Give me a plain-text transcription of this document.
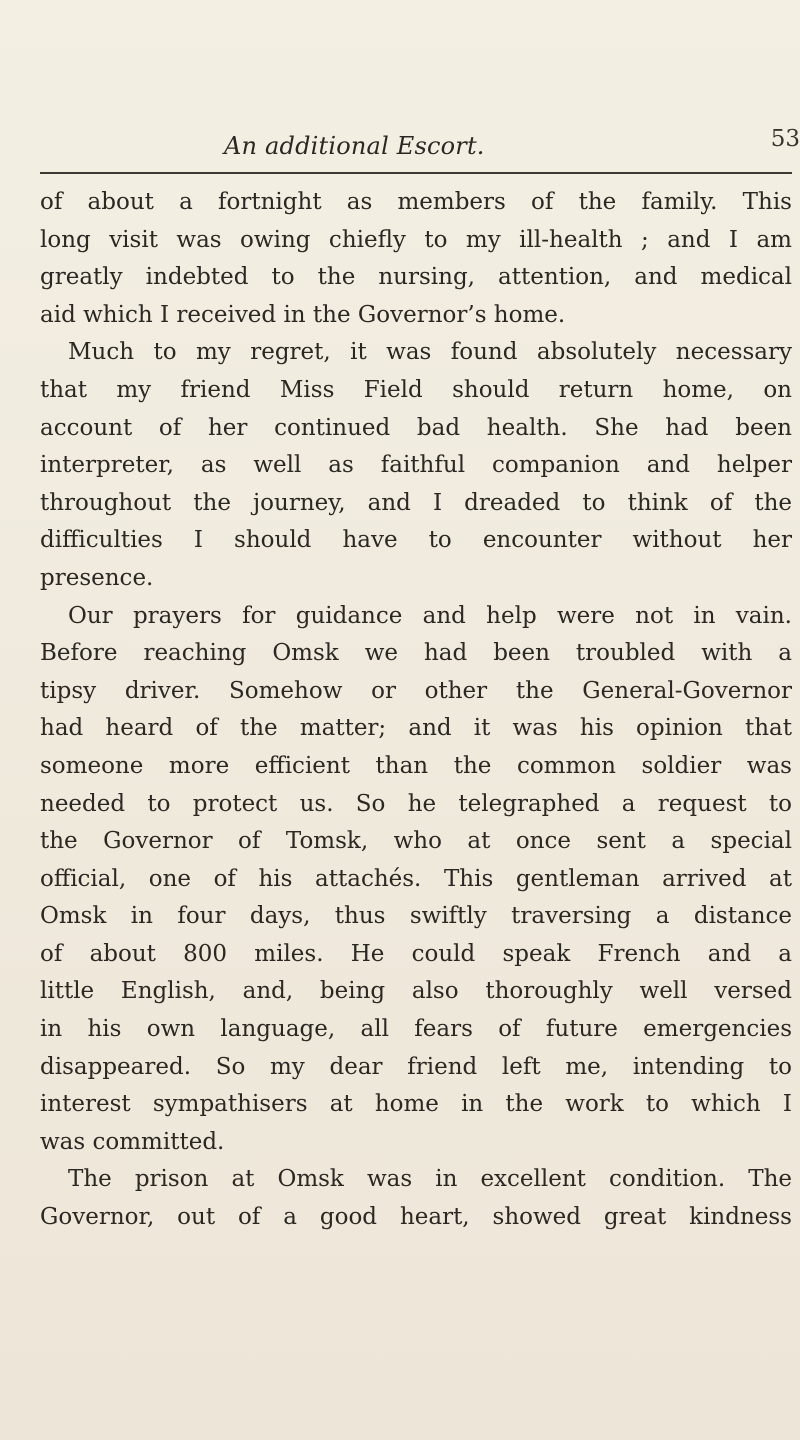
An additional Escort.	53
of about a fortnight as members of the family. This
long visit was owing chiefly to my ill-health ; and I am
greatly indebted to the nursing, attention, and medical
aid which I received in the Governor’s home.
Much to my regret, it was found absolutely necessary
that my friend Miss Field should return home, on
account of her continued bad health. She had been
interpreter, as well as faithful companion and helper
throughout the journey, and I dreaded to think of the
difficulties I should have to encounter without her
presence.
Our prayers for guidance and help were not in vain.
Before reaching Omsk we had been troubled with a
tipsy driver. Somehow or other the General-Governor
had heard of the matter; and it was his opinion that
someone more efficient than the common soldier was
needed to protect us. So he telegraphed a request to
the Governor of Tomsk, who at once sent a special
official, one of his attachés. This gentleman arrived at
Omsk in four days, thus swiftly traversing a distance
of about 800 miles. He could speak French and a
little English, and, being also thoroughly well versed
in his own language, all fears of future emergencies
disappeared. So my dear friend left me, intending to
interest sympathisers at home in the work to which I
was committed.
The prison at Omsk was in excellent condition. The
Governor, out of a good heart, showed great kindness
